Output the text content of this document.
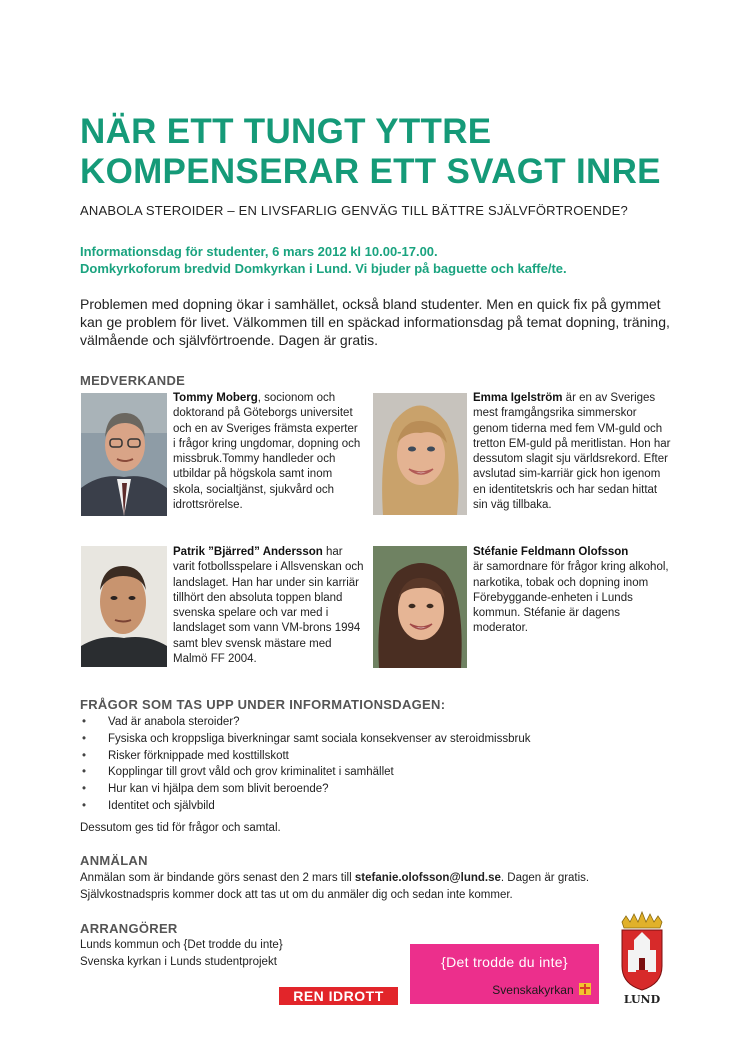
NÄR ETT TUNGT YTTRE
KOMPENSERAR ETT SVAGT INRE
ANABOLA STEROIDER – EN LIVSFARLIG GENVÄG TILL BÄTTRE SJÄLVFÖRTROENDE?
Informationsdag för studenter, 6 mars 2012 kl 10.00-17.00.
Domkyrkoforum bredvid Domkyrkan i Lund. Vi bjuder på baguette och kaffe/te.
Problemen med dopning ökar i samhället, också bland studenter. Men en quick fix på gymmet kan ge problem för livet. Välkommen till en späckad informationsdag på temat dopning, träning, välmående och självförtroende. Dagen är gratis.
MEDVERKANDE
Tommy Moberg, socionom och doktorand på Göteborgs universitet och en av Sveriges främsta experter i frågor kring ungdomar, dopning och missbruk.Tommy handleder och utbildar på högskola samt inom skola, socialtjänst, sjukvård och idrottsrörelse.
Emma Igelström är en av Sveriges mest framgångsrika simmerskor genom tiderna med fem VM-guld och tretton EM-guld på meritlistan. Hon har dessutom slagit sju världsrekord. Efter avslutad sim-karriär gick hon igenom en identitetskris och har sedan hittat sin väg tillbaka.
Patrik ”Bjärred” Andersson har varit fotbollsspelare i Allsvenskan och landslaget. Han har under sin karriär tillhört den absoluta toppen bland svenska spelare och var med i landslaget som vann VM-brons 1994 samt blev svensk mästare med Malmö FF 2004.
Stéfanie Feldmann Olofsson
är samordnare för frågor kring alkohol, narkotika, tobak och dopning inom Förebyggande-enheten i Lunds kommun. Stéfanie är dagens moderator.
FRÅGOR SOM TAS UPP UNDER INFORMATIONSDAGEN:
• Vad är anabola steroider?
• Fysiska och kroppsliga biverkningar samt sociala konsekvenser av steroidmissbruk
• Risker förknippade med kosttillskott
• Kopplingar till grovt våld och grov kriminalitet i samhället
• Hur kan vi hjälpa dem som blivit beroende?
• Identitet och självbild
Dessutom ges tid för frågor och samtal.
ANMÄLAN
Anmälan som är bindande görs senast den 2 mars till stefanie.olofsson@lund.se. Dagen är gratis.
Självkostnadspris kommer dock att tas ut om du anmäler dig och sedan inte kommer.
ARRANGÖRER
Lunds kommun och {Det trodde du inte}
Svenska kyrkan i Lunds studentprojekt
REN IDROTT
{Det trodde du inte}
Svenskakyrkan
LUND
